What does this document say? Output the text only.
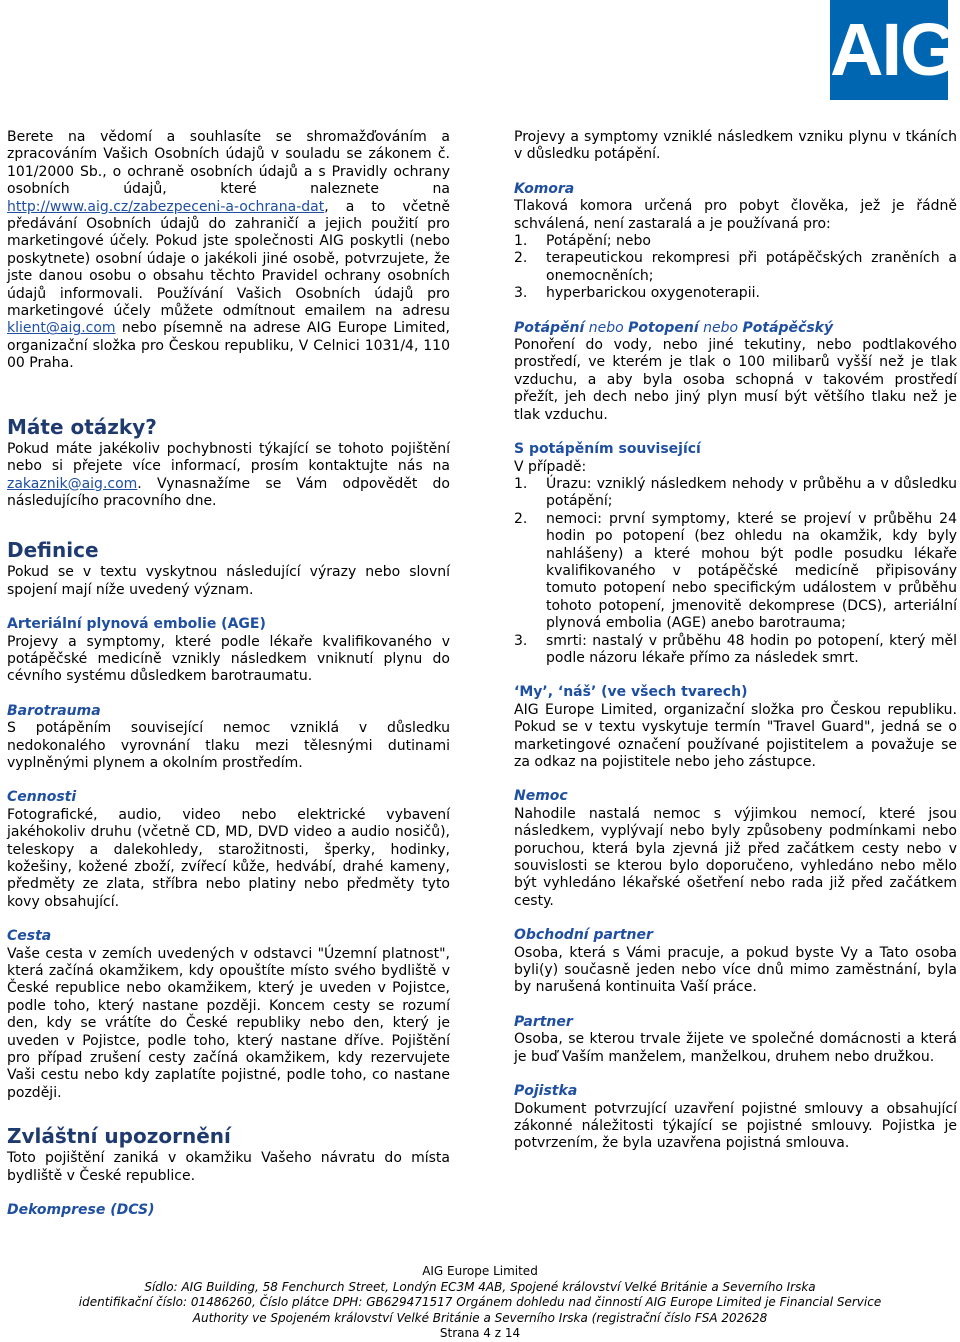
AIG

Berete na vědomí a souhlasíte se shromažďováním a zpracováním Vašich Osobních údajů v souladu se zákonem č. 101/2000 Sb., o ochraně osobních údajů a s Pravidly ochrany osobních údajů, které naleznete na http://www.aig.cz/zabezpeceni-a-ochrana-dat, a to včetně předávání Osobních údajů do zahraničí a jejich použití pro marketingové účely. Pokud jste společnosti AIG poskytli (nebo poskytnete) osobní údaje o jakékoli jiné osobě, potvrzujete, že jste danou osobu o obsahu těchto Pravidel ochrany osobních údajů informovali. Používání Vašich Osobních údajů pro marketingové účely můžete odmítnout emailem na adresu klient@aig.com nebo písemně na adrese AIG Europe Limited, organizační složka pro Českou republiku, V Celnici 1031/4, 110 00 Praha.

Máte otázky?

Pokud máte jakékoliv pochybnosti týkající se tohoto pojištění nebo si přejete více informací, prosím kontaktujte nás na zakaznik@aig.com. Vynasnažíme se Vám odpovědět do následujícího pracovního dne.

Definice

Pokud se v textu vyskytnou následující výrazy nebo slovní spojení mají níže uvedený význam.

Arteriální plynová embolie (AGE)

Projevy a symptomy, které podle lékaře kvalifikovaného v potápěčské medicíně vznikly následkem vniknutí plynu do cévního systému důsledkem barotraumatu.

Barotrauma

S potápěním související nemoc vzniklá v důsledku nedokonalého vyrovnání tlaku mezi tělesnými dutinami vyplněnými plynem a okolním prostředím.

Cennosti

Fotografické, audio, video nebo elektrické vybavení jakéhokoliv druhu (včetně CD, MD, DVD video a audio nosičů), teleskopy a dalekohledy, starožitnosti, šperky, hodinky, kožešiny, kožené zboží, zvířecí kůže, hedvábí, drahé kameny, předměty ze zlata, stříbra nebo platiny nebo předměty tyto kovy obsahující.

Cesta

Vaše cesta v zemích uvedených v odstavci "Územní platnost", která začíná okamžikem, kdy opouštíte místo svého bydliště v České republice nebo okamžikem, který je uveden v Pojistce, podle toho, který nastane později. Koncem cesty se rozumí den, kdy se vrátíte do České republiky nebo den, který je uveden v Pojistce, podle toho, který nastane dříve. Pojištění pro případ zrušení cesty začíná okamžikem, kdy rezervujete Vaši cestu nebo kdy zaplatíte pojistné, podle toho, co nastane později.

Zvláštní upozornění

Toto pojištění zaniká v okamžiku Vašeho návratu do místa bydliště v České republice.

Dekomprese (DCS)

Projevy a symptomy vzniklé následkem vzniku plynu v tkáních v důsledku potápění.

Komora

Tlaková komora určená pro pobyt člověka, jež je řádně schválená, není zastaralá a je používaná pro:

1. Potápění; nebo
2. terapeutickou rekompresi při potápěčských zraněních a onemocněních;
3. hyperbarickou oxygenoterapii.

Potápění nebo Potopení nebo Potápěčský

Ponoření do vody, nebo jiné tekutiny, nebo podtlakového prostředí, ve kterém je tlak o 100 milibarů vyšší než je tlak vzduchu, a aby byla osoba schopná v takovém prostředí přežít, jeh dech nebo jiný plyn musí být většího tlaku než je tlak vzduchu.

S potápěním související

V případě:

1. Úrazu: vzniklý následkem nehody v průběhu a v důsledku potápění;
2. nemoci: první symptomy, které se projeví v průběhu 24 hodin po potopení (bez ohledu na okamžik, kdy byly nahlášeny) a které mohou být podle posudku lékaře kvalifikovaného v potápěčské medicíně připisovány tomuto potopení nebo specifickým událostem v průběhu tohoto potopení, jmenovitě dekomprese (DCS), arteriální plynová embolia (AGE) anebo barotrauma;
3. smrti: nastalý v průběhu 48 hodin po potopení, který měl podle názoru lékaře přímo za následek smrt.

‘My’, ‘náš’ (ve všech tvarech)

AIG Europe Limited, organizační složka pro Českou republiku. Pokud se v textu vyskytuje termín "Travel Guard", jedná se o marketingové označení používané pojistitelem a považuje se za odkaz na pojistitele nebo jeho zástupce.

Nemoc

Nahodile nastalá nemoc s výjimkou nemocí, které jsou následkem, vyplývají nebo byly způsobeny podmínkami nebo poruchou, která byla zjevná již před začátkem cesty nebo v souvislosti se kterou bylo doporučeno, vyhledáno nebo mělo být vyhledáno lékařské ošetření nebo rada již před začátkem cesty.

Obchodní partner

Osoba, která s Vámi pracuje, a pokud byste Vy a Tato osoba byli(y) současně jeden nebo více dnů mimo zaměstnání, byla by narušená kontinuita Vaší práce.

Partner

Osoba, se kterou trvale žijete ve společné domácnosti a která je buď Vaším manželem, manželkou, druhem nebo družkou.

Pojistka

Dokument potvrzující uzavření pojistné smlouvy a obsahující zákonné náležitosti týkající se pojistné smlouvy. Pojistka je potvrzením, že byla uzavřena pojistná smlouva.

AIG Europe Limited
Sídlo: AIG Building, 58 Fenchurch Street, Londýn EC3M 4AB, Spojené království Velké Británie a Severního Irska
identifikační číslo: 01486260, Číslo plátce DPH: GB629471517 Orgánem dohledu nad činností AIG Europe Limited je Financial Service
Authority ve Spojeném království Velké Británie a Severního Irska (registrační číslo FSA 202628
Strana 4 z 14
